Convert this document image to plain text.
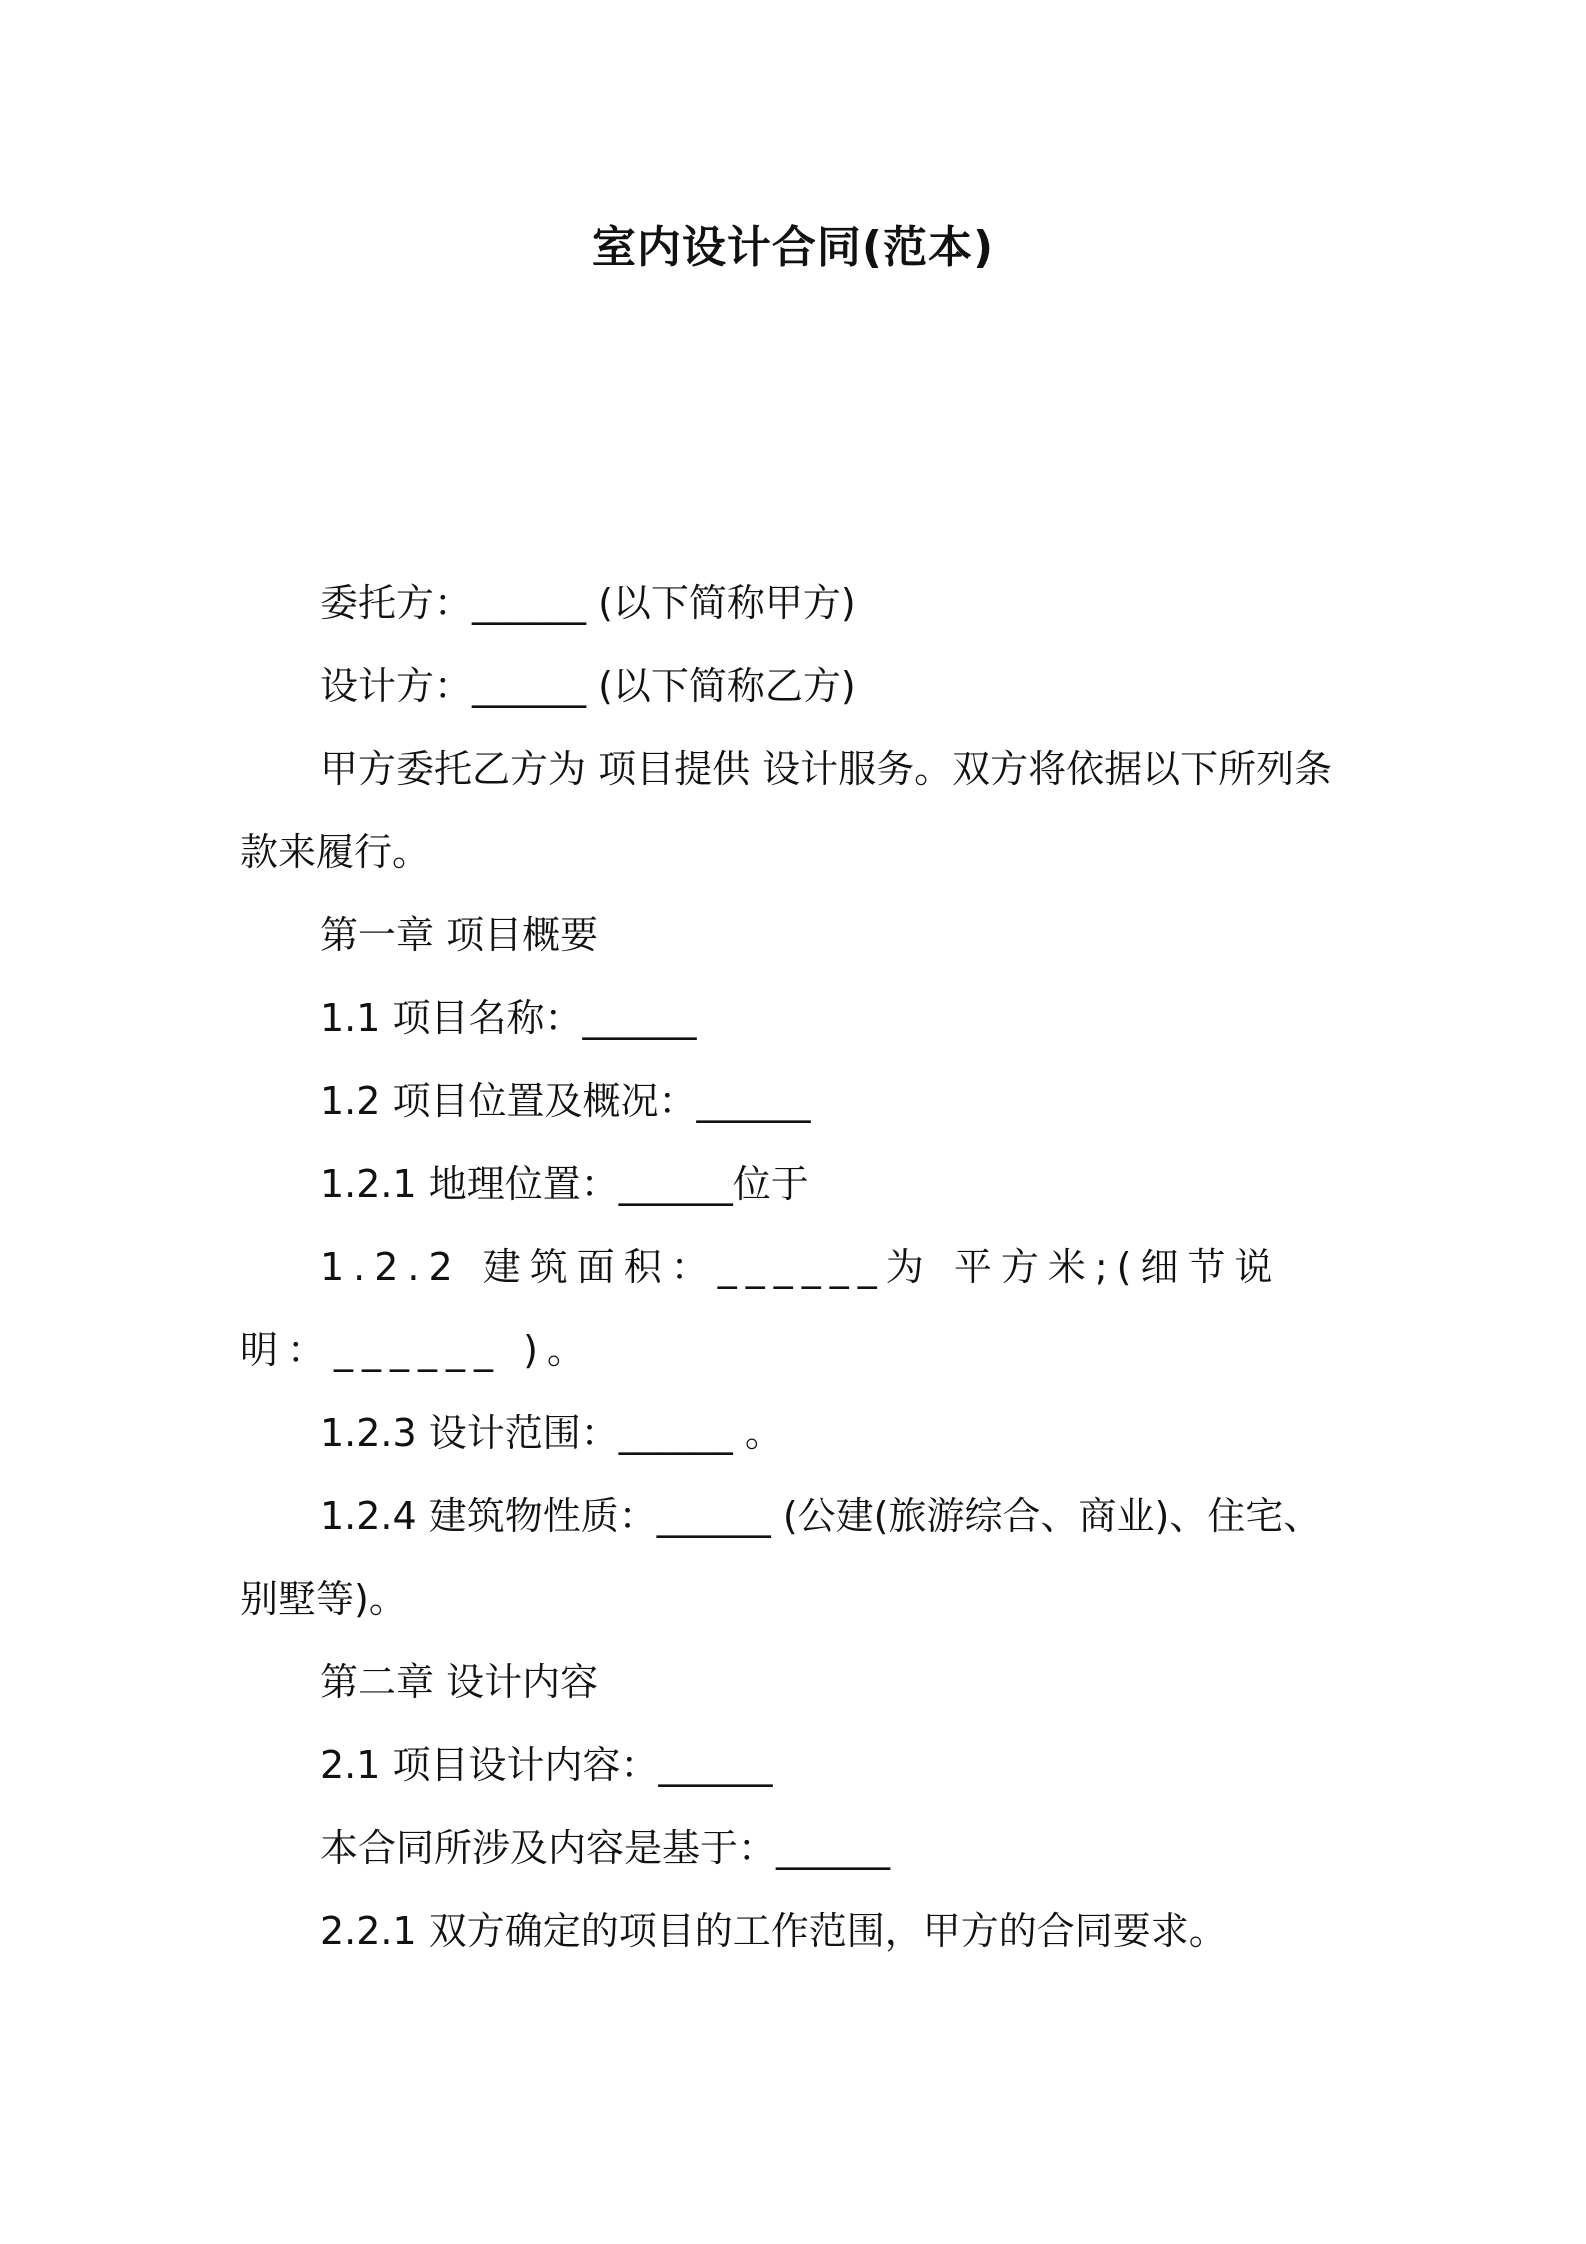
室内设计合同(范本)

委托方：______ (以下简称甲方)

设计方：______ (以下简称乙方)

甲方委托乙方为 项目提供 设计服务。双方将依据以下所列条款来履行。

第一章 项目概要

1.1 项目名称：______

1.2 项目位置及概况：______

1.2.1 地理位置：______位于

1.2.2 建筑面积：______为 平方米;(细节说明：______ )。

1.2.3 设计范围：______ 。

1.2.4 建筑物性质：______ (公建(旅游综合、商业)、住宅、别墅等)。

第二章 设计内容

2.1 项目设计内容：______

本合同所涉及内容是基于：______

2.2.1 双方确定的项目的工作范围，甲方的合同要求。
